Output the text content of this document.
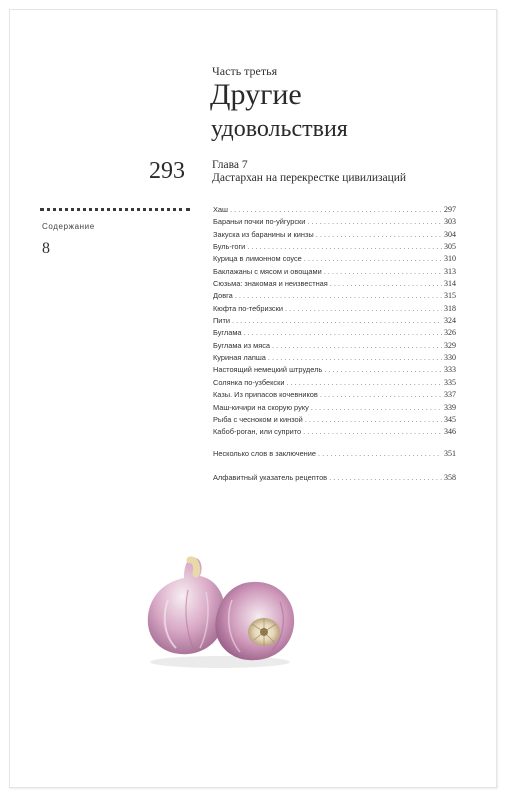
Часть третья
Другие
удовольствия
293 Глава 7
Дастархан на перекрестке цивилизаций
Содержание
8
Хаш . . .	297
Бараньи почки по-уйгурски . . .	303
Закуска из баранины и кинзы . . .	304
Буль-гоги . . .	305
Курица в лимонном соусе . . .	310
Баклажаны с мясом и овощами . . .	313
Сюзьма: знакомая и неизвестная . . .	314
Довга . . .	315
Кюфта по-тебризски . . .	318
Пити . . .	324
Буглама . . .	326
Буглама из мяса . . .	329
Куриная лапша . . .	330
Настоящий немецкий штрудель . . .	333
Солянка по-узбекски . . .	335
Казы. Из припасов кочевников . . .	337
Маш-кичири на скорую руку . . .	339
Рыба с чесноком и кинзой . . .	345
Кабоб-роган, или суприто . . .	346
Несколько слов в заключение . . .	351
Алфавитный указатель рецептов . . .	358
